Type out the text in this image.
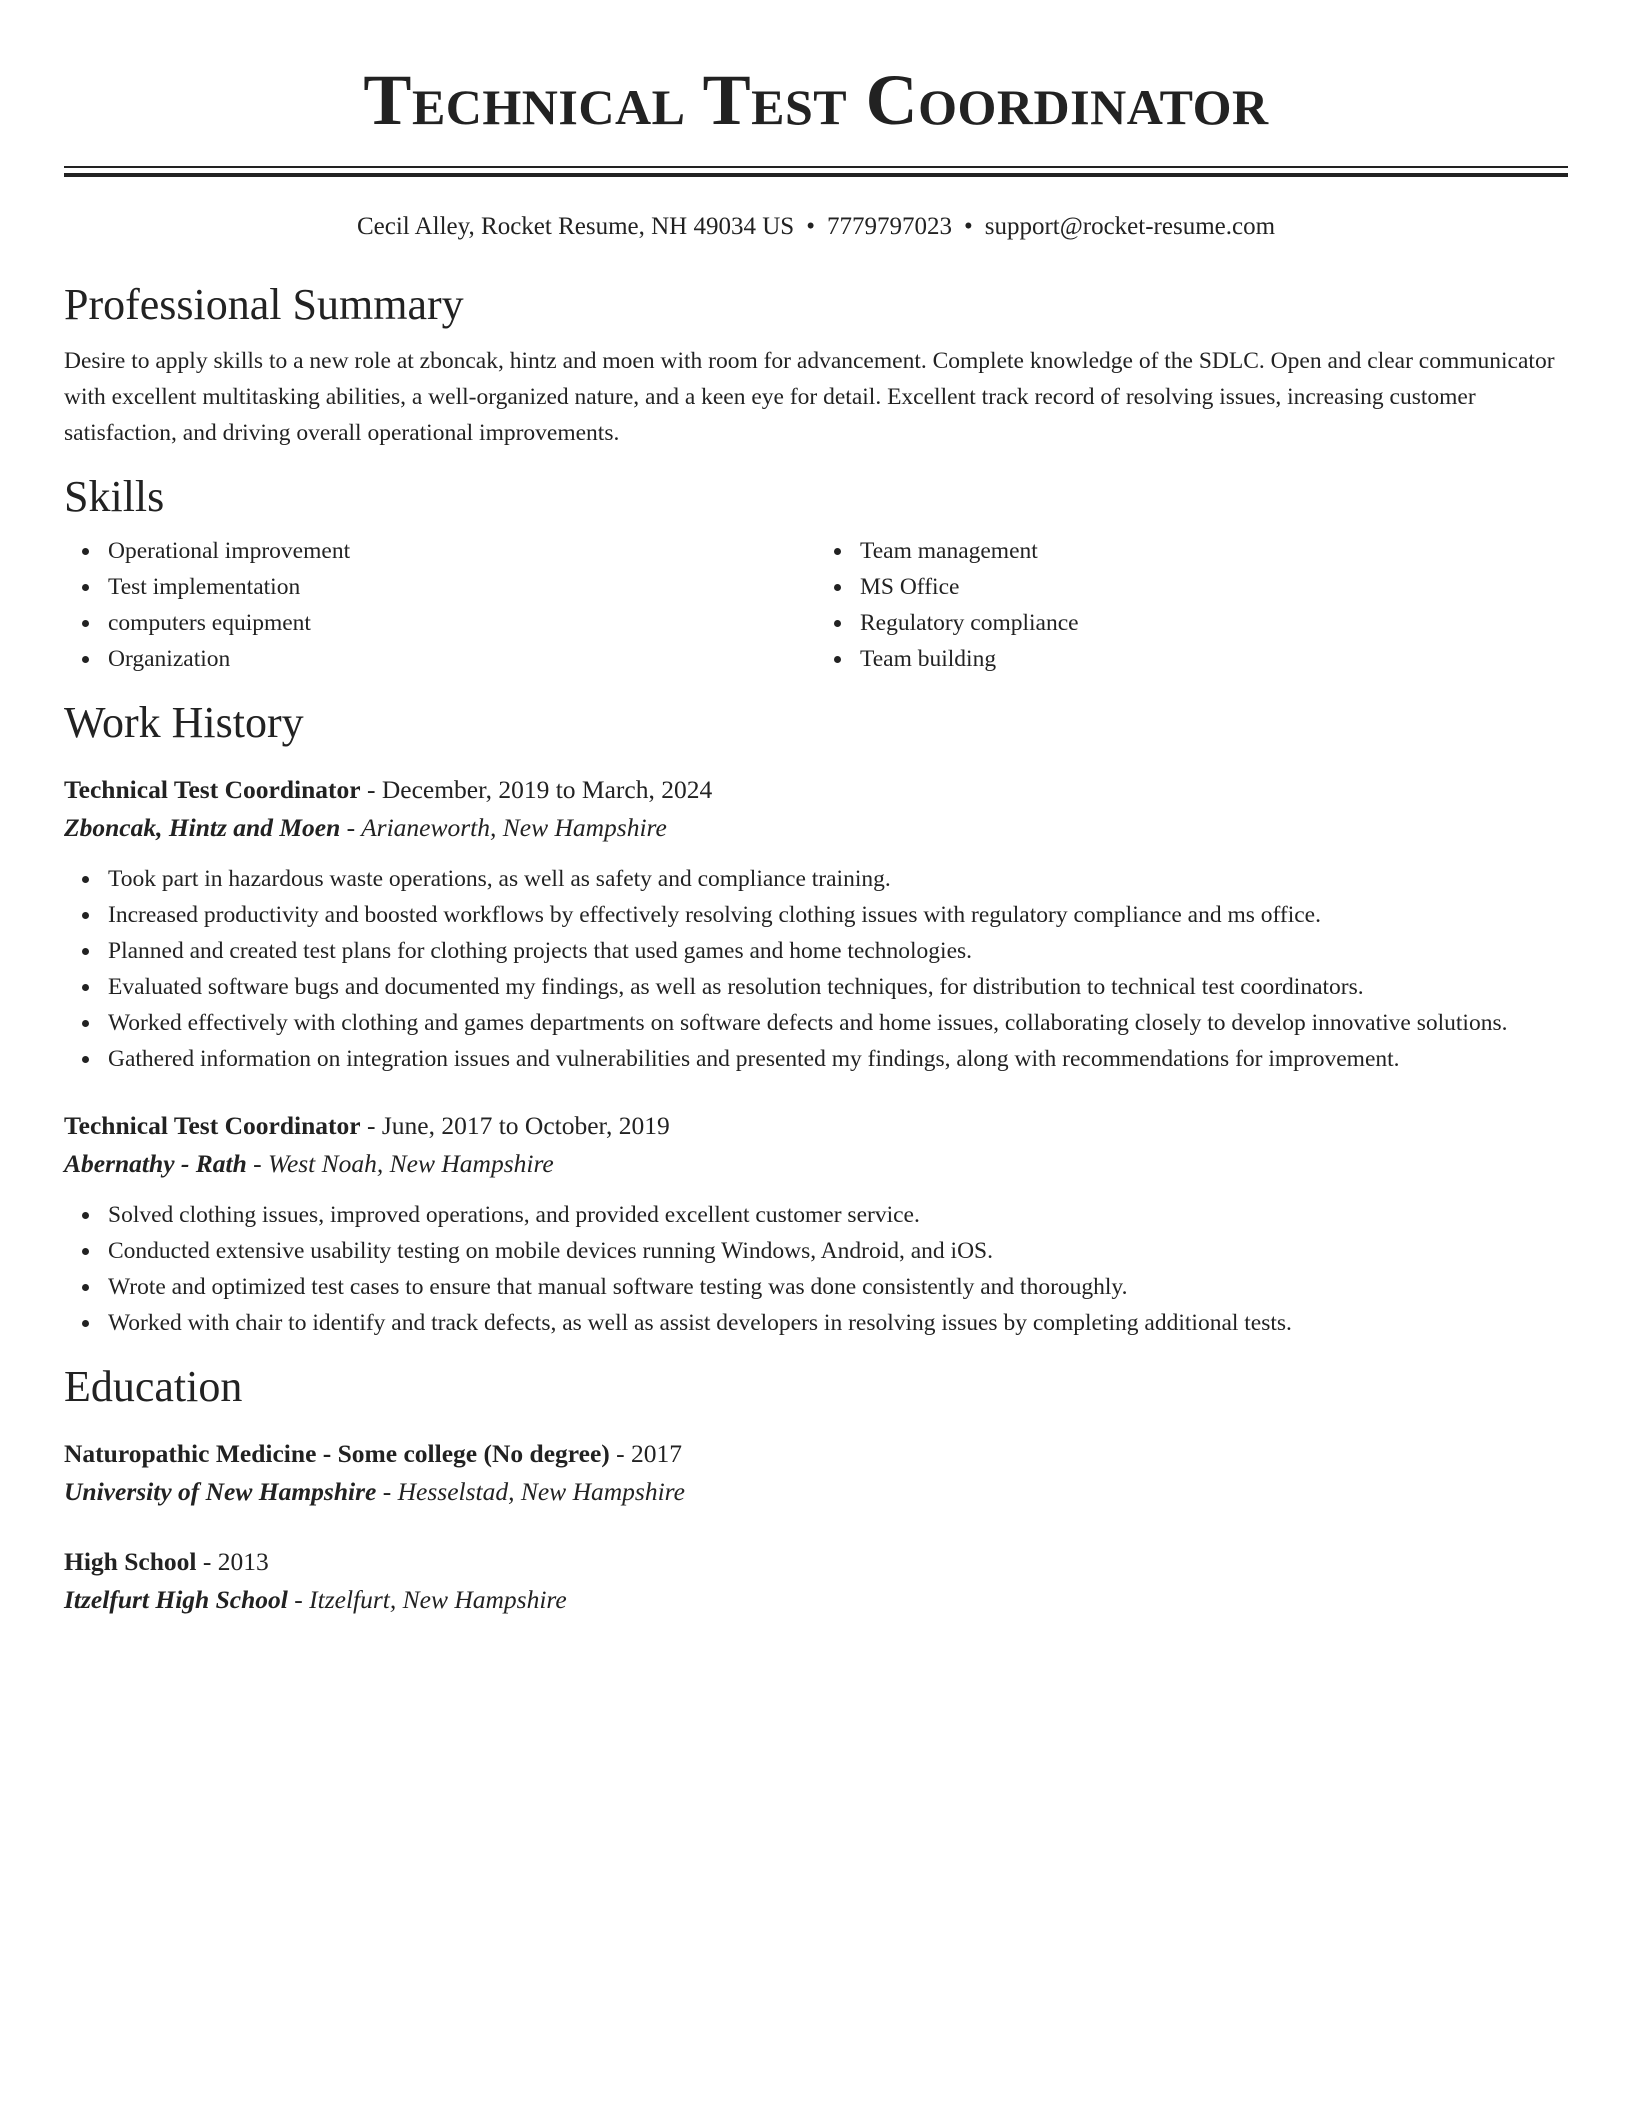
Technical Test Coordinator
Cecil Alley, Rocket Resume, NH 49034 US • 7779797023 • support@rocket-resume.com
Professional Summary
Desire to apply skills to a new role at zboncak, hintz and moen with room for advancement. Complete knowledge of the SDLC. Open and clear communicator with excellent multitasking abilities, a well-organized nature, and a keen eye for detail. Excellent track record of resolving issues, increasing customer satisfaction, and driving overall operational improvements.
Skills
Operational improvement
Test implementation
computers equipment
Organization
Team management
MS Office
Regulatory compliance
Team building
Work History
Technical Test Coordinator - December, 2019 to March, 2024
Zboncak, Hintz and Moen - Arianeworth, New Hampshire
Took part in hazardous waste operations, as well as safety and compliance training.
Increased productivity and boosted workflows by effectively resolving clothing issues with regulatory compliance and ms office.
Planned and created test plans for clothing projects that used games and home technologies.
Evaluated software bugs and documented my findings, as well as resolution techniques, for distribution to technical test coordinators.
Worked effectively with clothing and games departments on software defects and home issues, collaborating closely to develop innovative solutions.
Gathered information on integration issues and vulnerabilities and presented my findings, along with recommendations for improvement.
Technical Test Coordinator - June, 2017 to October, 2019
Abernathy - Rath - West Noah, New Hampshire
Solved clothing issues, improved operations, and provided excellent customer service.
Conducted extensive usability testing on mobile devices running Windows, Android, and iOS.
Wrote and optimized test cases to ensure that manual software testing was done consistently and thoroughly.
Worked with chair to identify and track defects, as well as assist developers in resolving issues by completing additional tests.
Education
Naturopathic Medicine - Some college (No degree) - 2017
University of New Hampshire - Hesselstad, New Hampshire
High School - 2013
Itzelfurt High School - Itzelfurt, New Hampshire
